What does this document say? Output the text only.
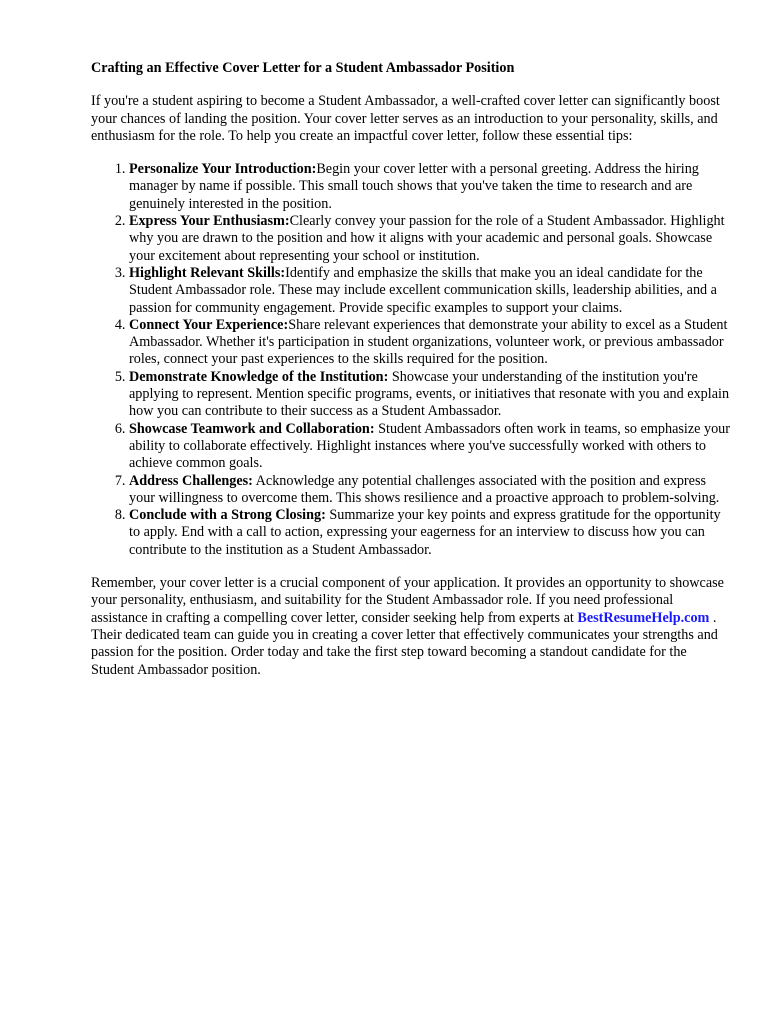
Crafting an Effective Cover Letter for a Student Ambassador Position

If you're a student aspiring to become a Student Ambassador, a well-crafted cover letter can significantly boost your chances of landing the position. Your cover letter serves as an introduction to your personality, skills, and enthusiasm for the role. To help you create an impactful cover letter, follow these essential tips:

1. Personalize Your Introduction:Begin your cover letter with a personal greeting. Address the hiring manager by name if possible. This small touch shows that you've taken the time to research and are genuinely interested in the position.
2. Express Your Enthusiasm:Clearly convey your passion for the role of a Student Ambassador. Highlight why you are drawn to the position and how it aligns with your academic and personal goals. Showcase your excitement about representing your school or institution.
3. Highlight Relevant Skills:Identify and emphasize the skills that make you an ideal candidate for the Student Ambassador role. These may include excellent communication skills, leadership abilities, and a passion for community engagement. Provide specific examples to support your claims.
4. Connect Your Experience:Share relevant experiences that demonstrate your ability to excel as a Student Ambassador. Whether it's participation in student organizations, volunteer work, or previous ambassador roles, connect your past experiences to the skills required for the position.
5. Demonstrate Knowledge of the Institution: Showcase your understanding of the institution you're applying to represent. Mention specific programs, events, or initiatives that resonate with you and explain how you can contribute to their success as a Student Ambassador.
6. Showcase Teamwork and Collaboration: Student Ambassadors often work in teams, so emphasize your ability to collaborate effectively. Highlight instances where you've successfully worked with others to achieve common goals.
7. Address Challenges: Acknowledge any potential challenges associated with the position and express your willingness to overcome them. This shows resilience and a proactive approach to problem-solving.
8. Conclude with a Strong Closing: Summarize your key points and express gratitude for the opportunity to apply. End with a call to action, expressing your eagerness for an interview to discuss how you can contribute to the institution as a Student Ambassador.

Remember, your cover letter is a crucial component of your application. It provides an opportunity to showcase your personality, enthusiasm, and suitability for the Student Ambassador role. If you need professional assistance in crafting a compelling cover letter, consider seeking help from experts at BestResumeHelp.com . Their dedicated team can guide you in creating a cover letter that effectively communicates your strengths and passion for the position. Order today and take the first step toward becoming a standout candidate for the Student Ambassador position.
